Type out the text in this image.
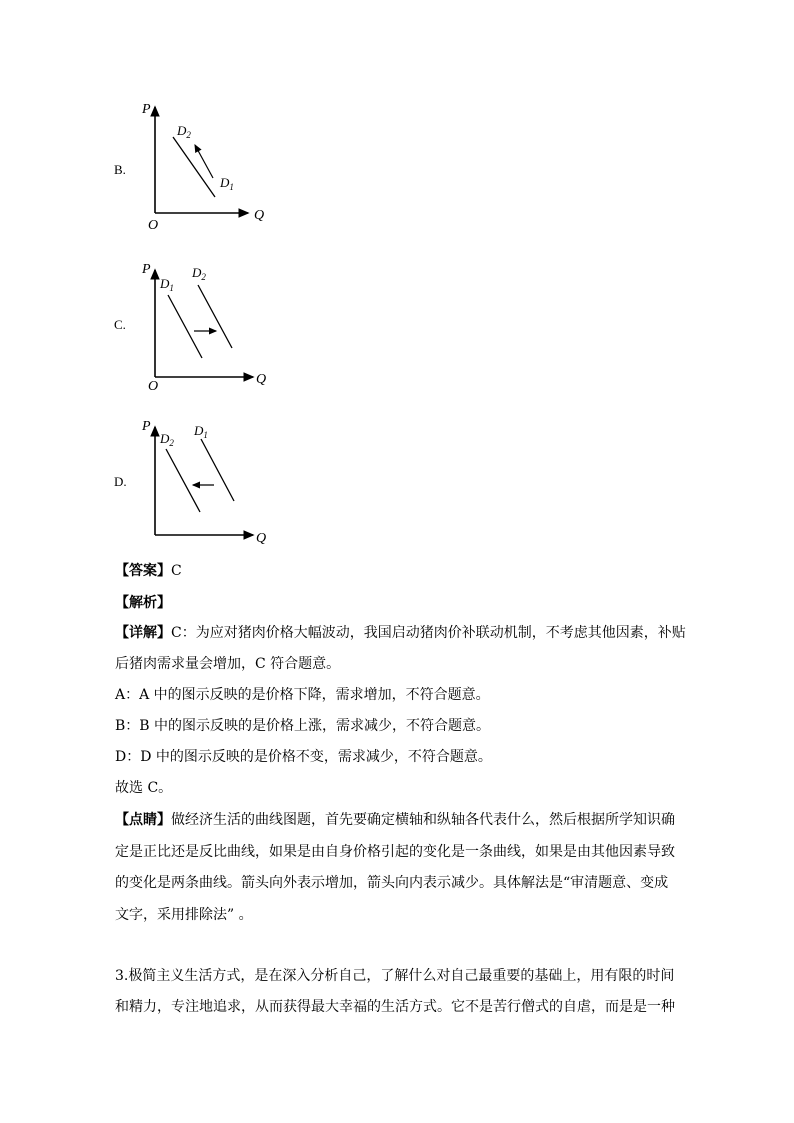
B.
P
Q
O
$D_2$
$D_1$
C.
P
Q
O
$D_1$
$D_2$
D.
P
Q
$D_2$
$D_1$
【答案】C
【解析】
【详解】C：为应对猪肉价格大幅波动，我国启动猪肉价补联动机制，不考虑其他因素，补贴
后猪肉需求量会增加，C 符合题意。
A：A 中的图示反映的是价格下降，需求增加，不符合题意。
B：B 中的图示反映的是价格上涨，需求减少，不符合题意。
D：D 中的图示反映的是价格不变，需求减少，不符合题意。
故选 C。
【点睛】做经济生活的曲线图题，首先要确定横轴和纵轴各代表什么，然后根据所学知识确
定是正比还是反比曲线，如果是由自身价格引起的变化是一条曲线，如果是由其他因素导致
的变化是两条曲线。箭头向外表示增加，箭头向内表示减少。具体解法是“审清题意、变成
文字，采用排除法” 。
3.极简主义生活方式，是在深入分析自己，了解什么对自己最重要的基础上，用有限的时间
和精力，专注地追求，从而获得最大幸福的生活方式。它不是苦行僧式的自虐，而是是一种
